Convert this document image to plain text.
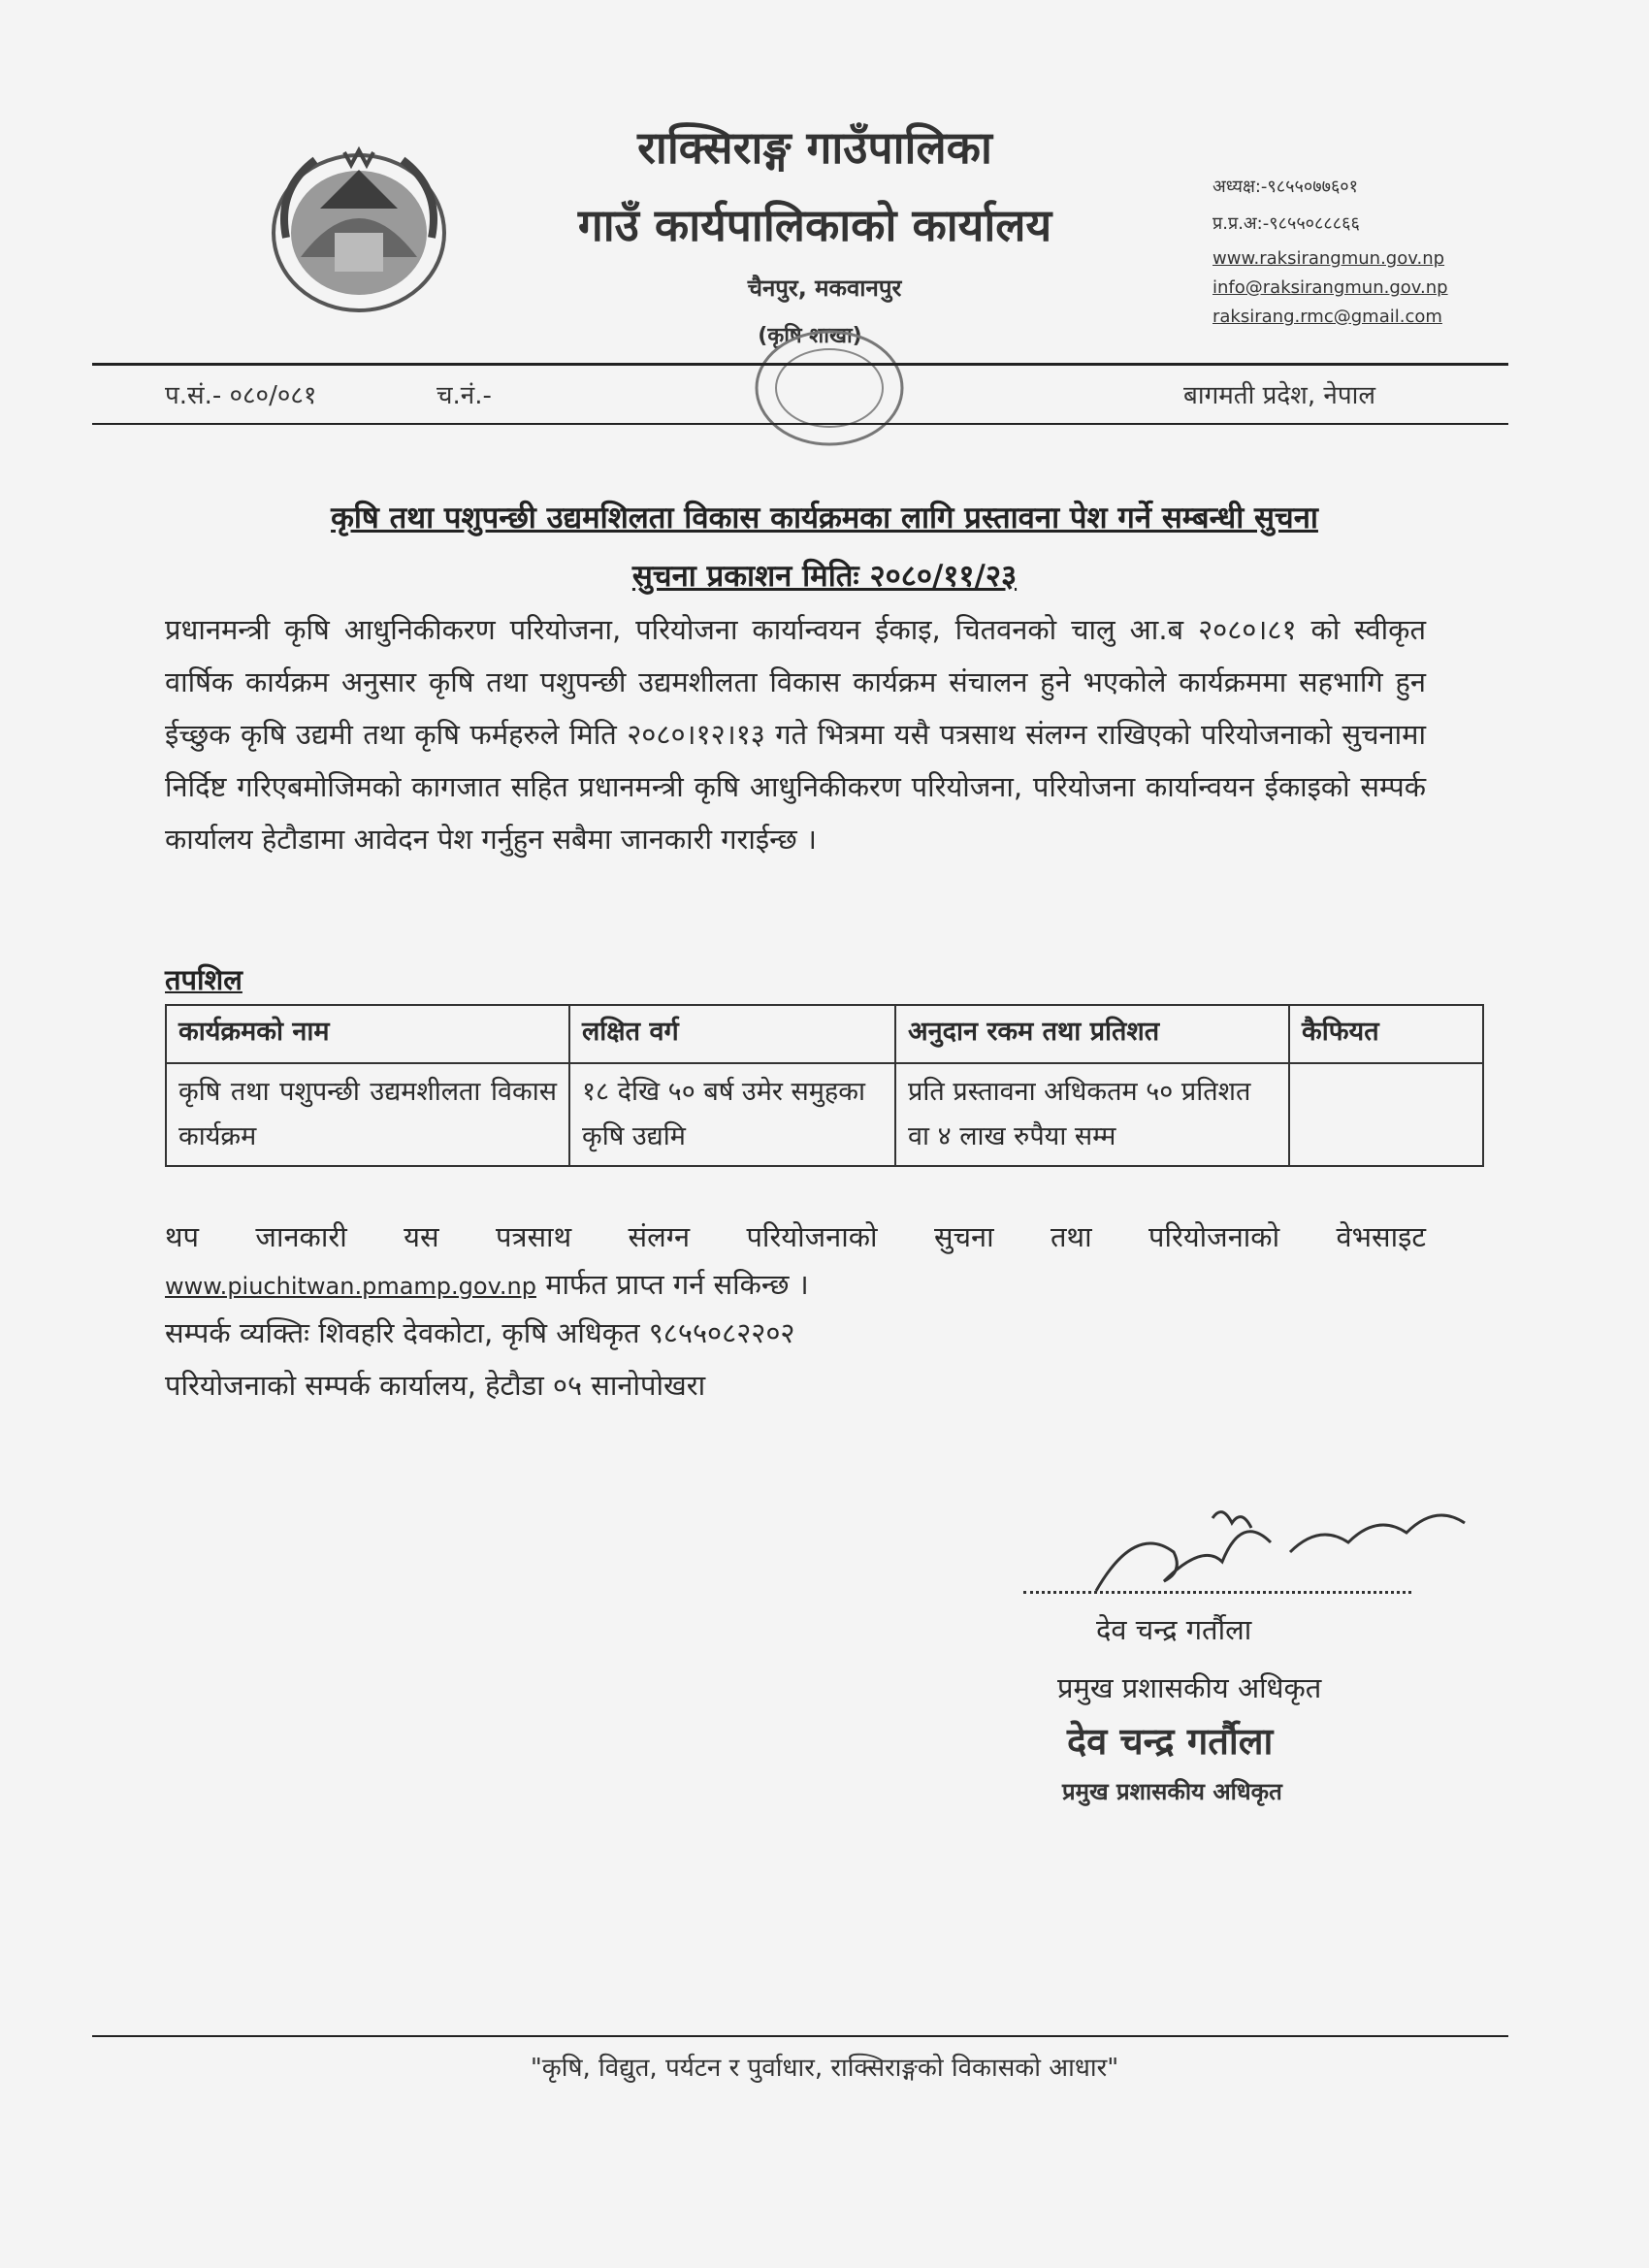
राक्सिराङ्ग गाउँपालिका
गाउँ कार्यपालिकाको कार्यालय
चैनपुर, मकवानपुर
(कृषि शाखा)
अध्यक्ष:-९८५५०७७६०१
प्र.प्र.अ:-९८५५०८८८६६
www.raksirangmun.gov.np
info@raksirangmun.gov.np
raksirang.rmc@gmail.com
प.सं.- ०८०/०८१	च.नं.-	बागमती प्रदेश, नेपाल
कृषि तथा पशुपन्छी उद्यमशिलता विकास कार्यक्रमका लागि प्रस्तावना पेश गर्ने सम्बन्धी सुचना
सुचना प्रकाशन मितिः २०८०/११/२३
प्रधानमन्त्री कृषि आधुनिकीकरण परियोजना, परियोजना कार्यान्वयन ईकाइ, चितवनको चालु आ.ब २०८०।८१ को स्वीकृत वार्षिक कार्यक्रम अनुसार कृषि तथा पशुपन्छी उद्यमशीलता विकास कार्यक्रम संचालन हुने भएकोले कार्यक्रममा सहभागि हुन ईच्छुक कृषि उद्यमी तथा कृषि फर्महरुले मिति २०८०।१२।१३ गते भित्रमा यसै पत्रसाथ संलग्न राखिएको परियोजनाको सुचनामा निर्दिष्ट गरिएबमोजिमको कागजात सहित प्रधानमन्त्री कृषि आधुनिकीकरण परियोजना, परियोजना कार्यान्वयन ईकाइको सम्पर्क कार्यालय हेटौडामा आवेदन पेश गर्नुहुन सबैमा जानकारी गराईन्छ ।
तपशिल
कार्यक्रमको नाम	लक्षित वर्ग	अनुदान रकम तथा प्रतिशत	कैफियत
कृषि तथा पशुपन्छी उद्यमशीलता विकास कार्यक्रम	१८ देखि ५० बर्ष उमेर समुहका कृषि उद्यमि	प्रति प्रस्तावना अधिकतम ५० प्रतिशत वा ४ लाख रुपैया सम्म	
थप जानकारी यस पत्रसाथ संलग्न परियोजनाको सुचना तथा परियोजनाको वेभसाइट
www.piuchitwan.pmamp.gov.np मार्फत प्राप्त गर्न सकिन्छ ।
सम्पर्क व्यक्तिः शिवहरि देवकोटा, कृषि अधिकृत ९८५५०८२२०२
परियोजनाको सम्पर्क कार्यालय, हेटौडा ०५ सानोपोखरा
देव चन्द्र गर्तौला
प्रमुख प्रशासकीय अधिकृत
देव चन्द्र गर्तौला
प्रमुख प्रशासकीय अधिकृत
"कृषि, विद्युत, पर्यटन र पुर्वाधार, राक्सिराङ्गको विकासको आधार"
